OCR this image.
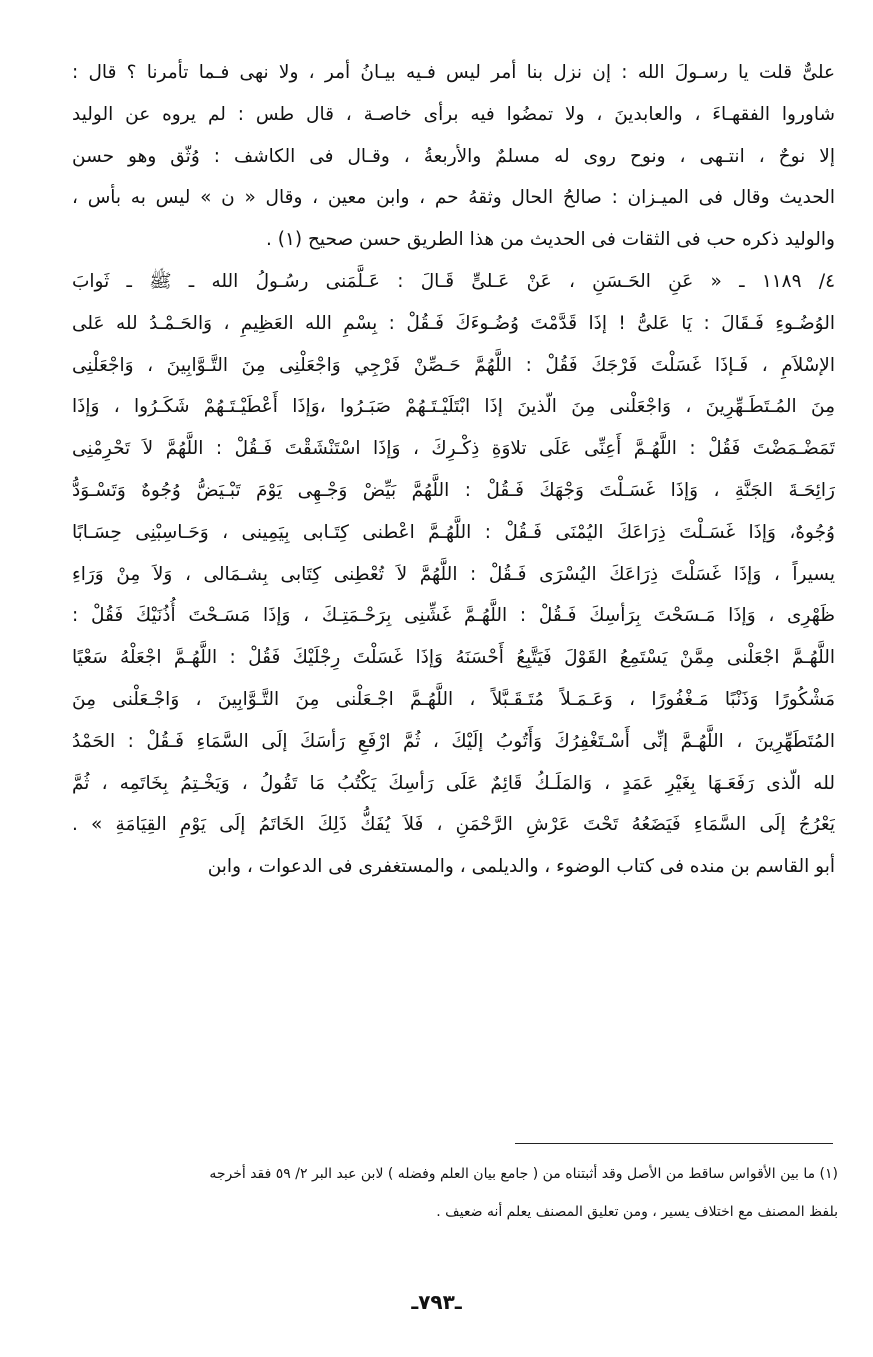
علىٌّ قلت يا رسـولَ الله : إن نزل بنا أمر ليس فـيه بيـانُ أمر ، ولا نهى فـما تأمرنا ؟ قال :
شاوروا الفقهـاءَ ، والعابدينَ ، ولا تمضُوا فيه برأى خاصـة ، قال طس : لم يروه عن الوليد
إلا نوحٌ ، انتـهى ، ونوح روى له مسلمٌ والأربعةُ ، وقـال فى الكاشف : وُثّق وهو حسن
الحديث وقال فى الميـزان : صالحُ الحال وثقهُ حم ، وابن معين ، وقال « ن » ليس به بأس ،
والوليد ذكره حب فى الثقات فى الحديث من هذا الطريق حسن صحيح (١) .
٤/ ١١٨٩ ـ « عَنِ الحَـسَنِ ، عَنْ عَـلىٍّ قَـالَ : عَـلَّمَنى رسُـولُ الله ـ ﷺ ـ ثَوابَ
الوُضُـوءِ فَـقَالَ : يَا عَلىُّ ! إذَا قَدَّمْتَ وُضُـوءَكَ فَـقُلْ : بِسْمِ الله العَظِيمِ ، وَالحَـمْـدُ لله عَلى
الإسْلاَمِ ، فَـإذَا غَسَلْتَ فَرْجَكَ فَقُلْ : اللَّهُمَّ حَـصِّنْ فَرْجِي وَاجْعَلْنِى مِنَ التَّـوَّابِينَ ، وَاجْعَلْنِى
مِنَ المُـتَطَـهِّرِينَ ، وَاجْعَلْنى مِنَ الّذينَ إذَا ابْتَلَيْـتَـهُمْ صَبَـرُوا ،وَإذَا أَعْطَيْـتَـهُمْ شَكَـرُوا ، وَإذَا
تَمَضْـمَضْتَ فَقُلْ : اللَّهُـمَّ أَعِنِّى عَلَى تلاوَةِ ذِكْـرِكَ ، وَإذَا اسْتَنْشَقْتَ فَـقُلْ : اللَّهُمَّ لاَ تَحْرِمْنِى
رَائِحَـةَ الجَنَّةِ ، وَإذَا غَسَـلْتَ وَجْهَكَ فَـقُلْ : اللَّهُمَّ بَيِّضْ وَجْـهِى يَوْمَ تَبْـيَضُّ وُجُوهٌ وَتَسْـوَدُّ
وُجُوهٌ، وَإذَا غَسَـلْتَ ذِرَاعَكَ اليُمْنَى فَـقُلْ : اللَّهُـمَّ اعْطنى كِتَـابى بِيَمِينى ، وَحَـاسِبْنِى حِسَـابًا
يسيراً ، وَإذَا غَسَلْتَ ذِرَاعَكَ اليُسْرَى فَـقُلْ : اللَّهُمَّ لاَ تُعْطِنى كِتَابى بِشـمَالى ، وَلاَ مِنْ وَرَاءِ
ظَهْرِى ، وَإذَا مَـسَحْتَ بِرَأسِكَ فَـقُلْ : اللَّهُـمَّ غَشِّنِى بِرَحْـمَتِـكَ ، وَإذَا مَسَـحْتَ أُذُنَيْكَ فَقُلْ :
اللَّهُـمَّ اجْعَلْنى مِمَّنْ يَسْتَمِعُ القَوْلَ فَيَتَّبِعُ أَحْسَنَهُ وَإذَا غَسَلْتَ رِجْلَيْكَ فَقُلْ : اللَّهُـمَّ اجْعَلْهُ سَعْيًا
مَشْكُورًا وَذَنْبًا مَـغْفُورًا ، وَعَـمَـلاً مُتَـقَـبَّلاً ، اللَّهُـمَّ اجْـعَلْنى مِنَ التَّـوَّابِينَ ، وَاجْـعَلْنى مِنَ
المُتَطَهِّرِينَ ، اللَّهُـمَّ إنِّى أَسْـتَغْفِرُكَ وَأَتُوبُ إلَيْكَ ، ثُمَّ ارْفَعِ رَأسَكَ إلَى السَّمَاءِ فَـقُلْ : الحَمْدُ
لله الّذى رَفَعَـهَا بِغَيْرِ عَمَدٍ ، وَالمَلَـكُ قَائِمٌ عَلَى رَأسِكَ يَكْتُبُ مَا تَقُولُ ، وَيَخْـتِمُ بِخَاتَمِه ، ثُمَّ
يَعْرُجُ إلَى السَّمَاءِ فَيَضَعُهُ تَحْتَ عَرْشِ الرَّحْمَنِ ، فَلاَ يُفَكُّ ذَلِكَ الخَاتَمُ إلَى يَوْمِ القِيَامَةِ » .
أبو القاسم بن منده فى كتاب الوضوء ، والديلمى ، والمستغفرى فى الدعوات ، وابن
(١) ما بين الأقواس ساقط من الأصل وقد أثبتناه من ( جامع بيان العلم وفضله ) لابن عبد البر ٢/ ٥٩ فقد أخرجه
بلفظ المصنف مع اختلاف يسير ، ومن تعليق المصنف يعلم أنه ضعيف .
ـ٧٩٣ـ
